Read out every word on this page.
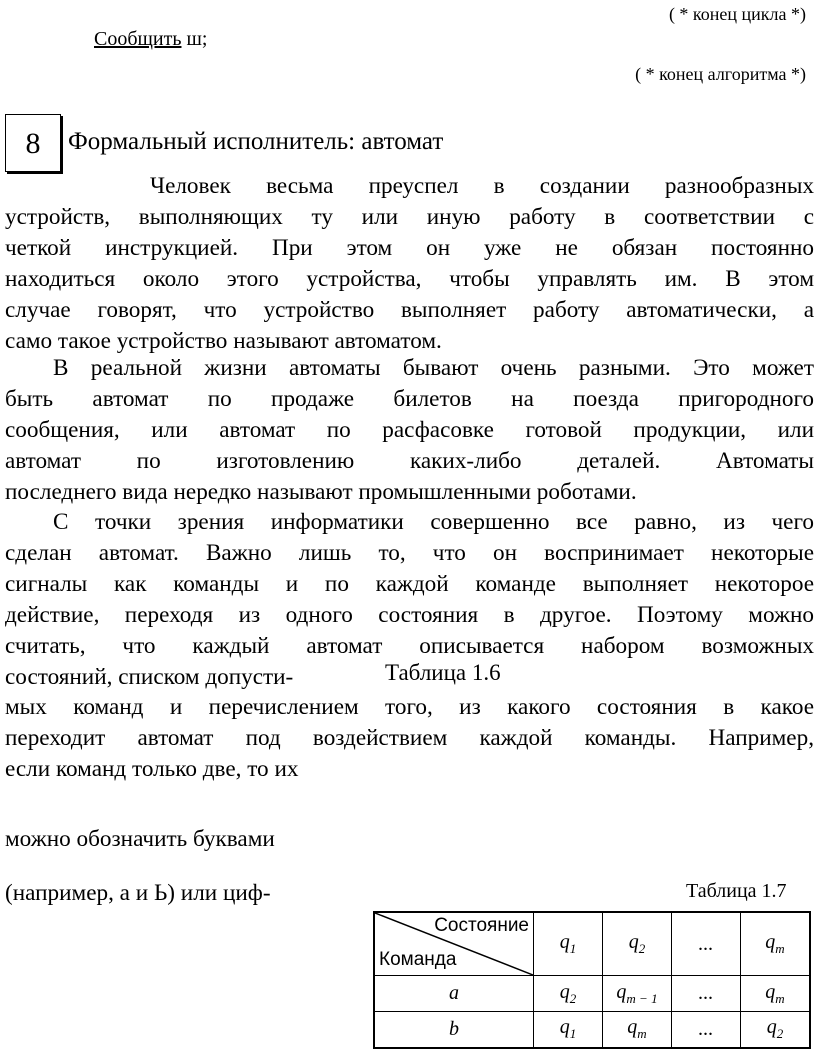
( * конец цикла *)
Сообщить ш;
( * конец алгоритма *)
8	Формальный исполнитель: автомат
Человек весьма преуспел в создании разнообразных
устройств, выполняющих ту или иную работу в соответствии с
четкой инструкцией. При этом он уже не обязан постоянно
находиться около этого устройства, чтобы управлять им. В этом
случае говорят, что устройство выполняет работу автоматически, а
само такое устройство называют автоматом.
В реальной жизни автоматы бывают очень разными. Это может
быть автомат по продаже билетов на поезда пригородного
сообщения, или автомат по расфасовке готовой продукции, или
автомат по изготовлению каких-либо деталей. Автоматы
последнего вида нередко называют промышленными роботами.
С точки зрения информатики совершенно все равно, из чего
сделан автомат. Важно лишь то, что он воспринимает некоторые
сигналы как команды и по каждой команде выполняет некоторое
действие, переходя из одного состояния в другое. Поэтому можно
считать, что каждый автомат описывается набором возможных
состояний, списком допусти-	Таблица 1.6
мых команд и перечислением того, из какого состояния в какое
переходит автомат под воздействием каждой команды. Например,
если команд только две, то их
можно обозначить буквами
(например, а и Ь) или циф-	Таблица 1.7
Состояние
Команда	$q_1$	$q_2$	...	$q_m$
a	$q_2$	$q_{m - 1}$	...	$q_m$
b	$q_1$	$q_m$	...	$q_2$
